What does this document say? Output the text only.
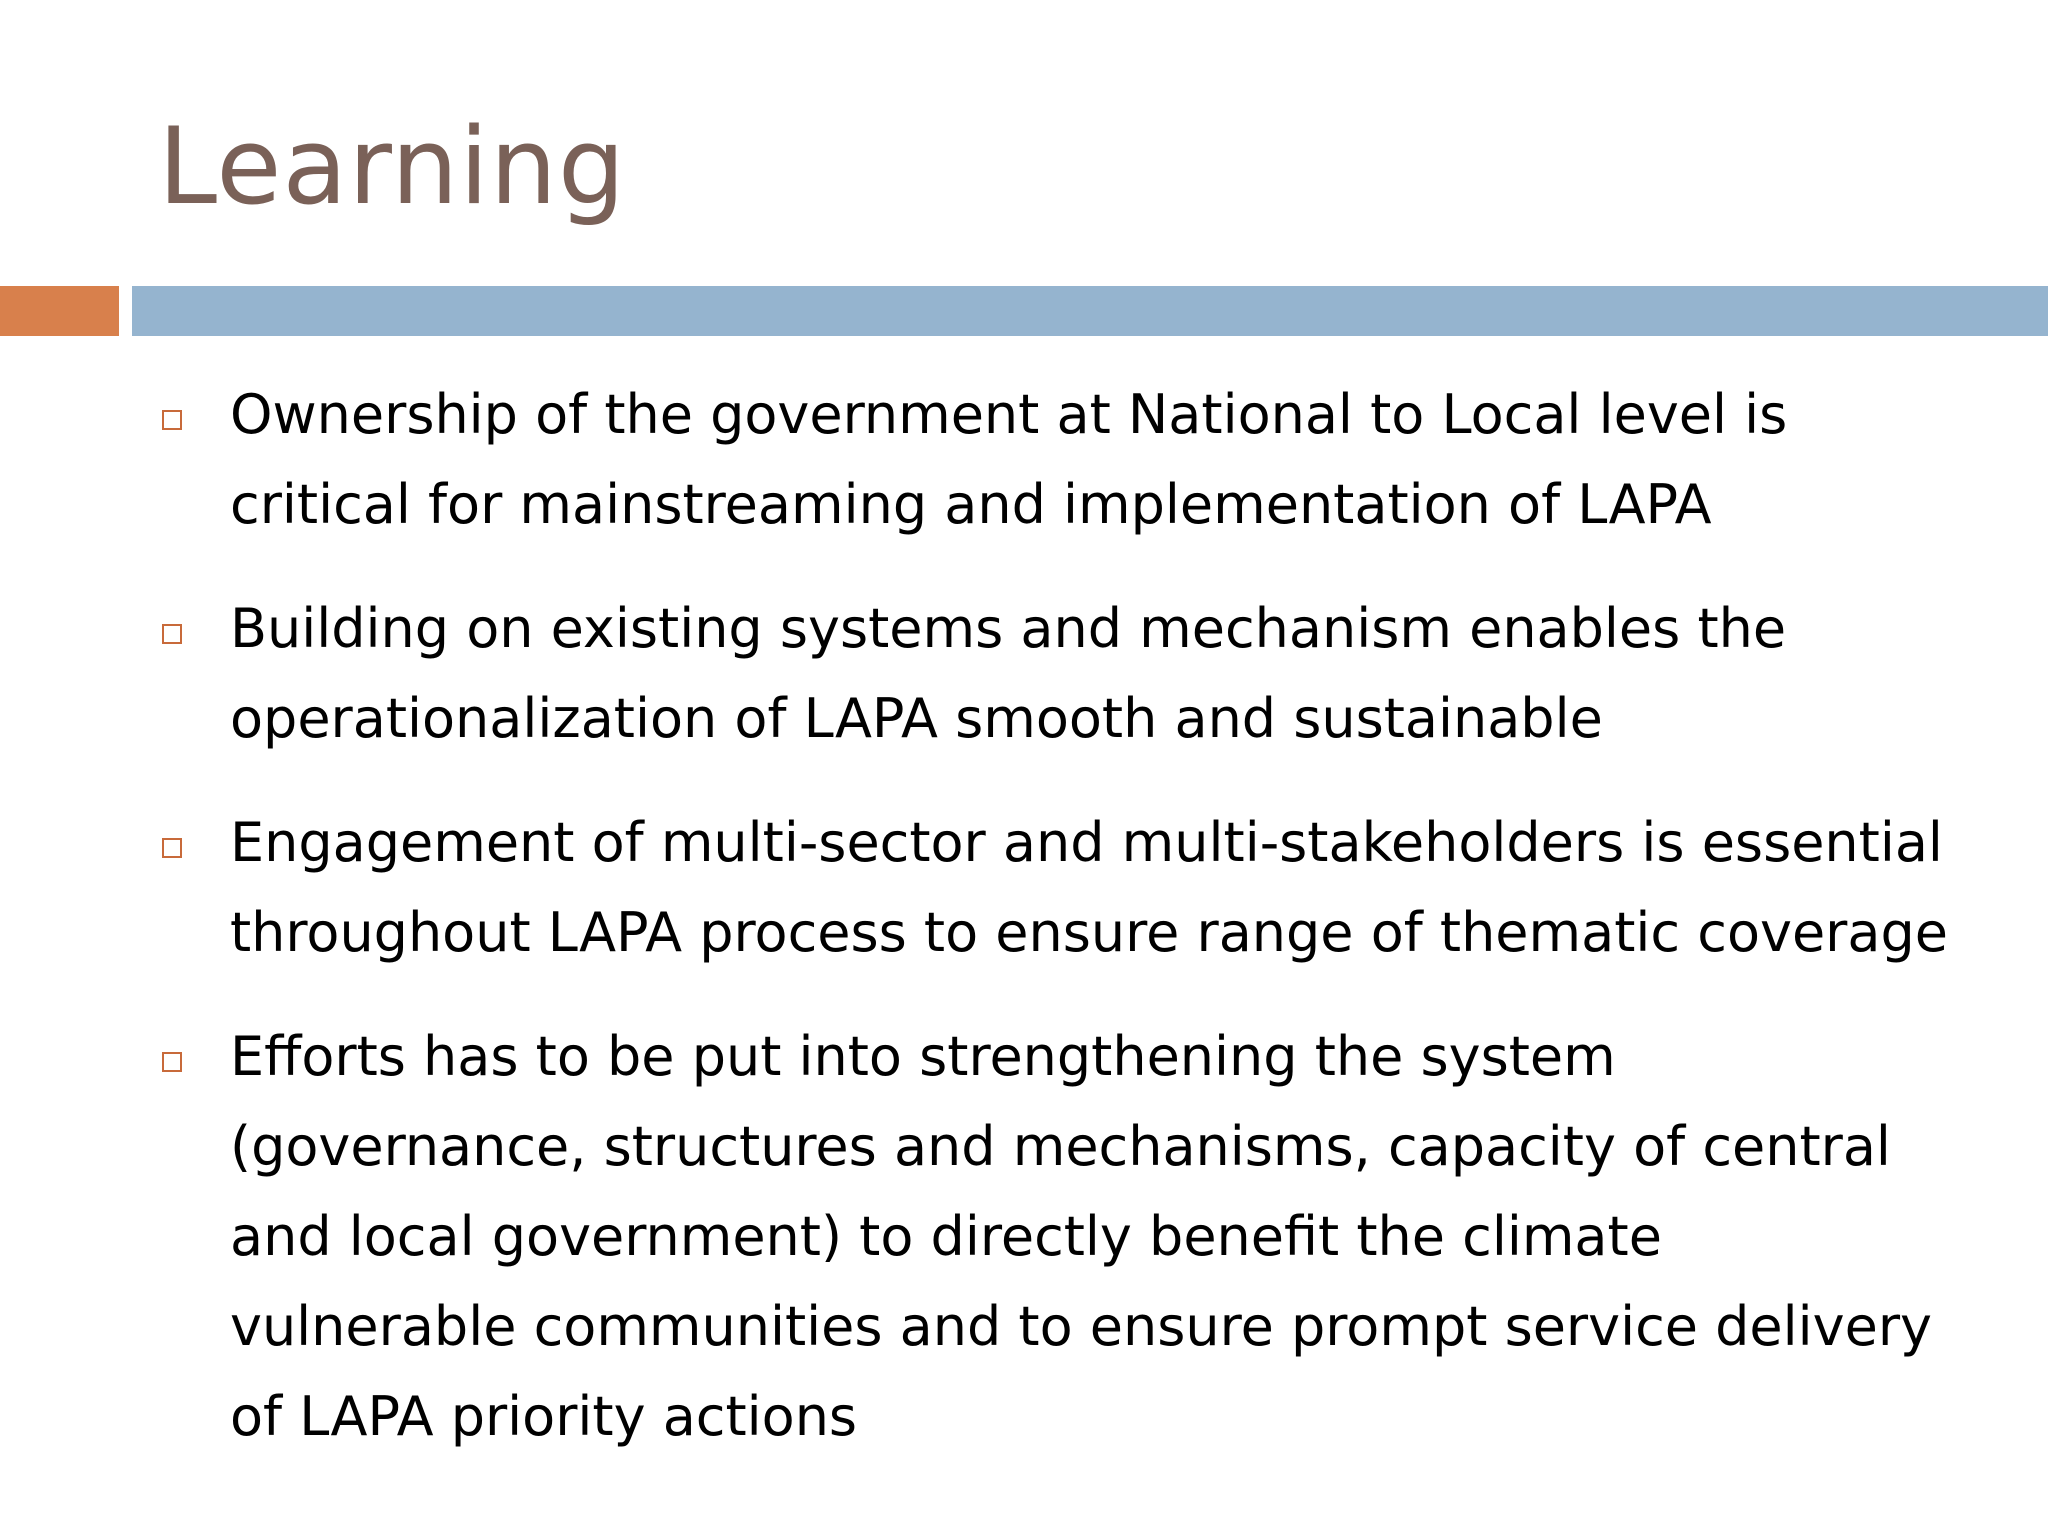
Learning
Ownership of the government at National to Local level is critical for mainstreaming and implementation of LAPA
Building on existing systems and mechanism enables the operationalization of LAPA smooth and sustainable
Engagement of multi-sector and multi-stakeholders is essential throughout LAPA process to ensure range of thematic coverage
Efforts has to be put into strengthening the system (governance, structures and mechanisms, capacity of central and local government) to directly benefit the climate vulnerable communities and to ensure prompt service delivery of LAPA priority actions
